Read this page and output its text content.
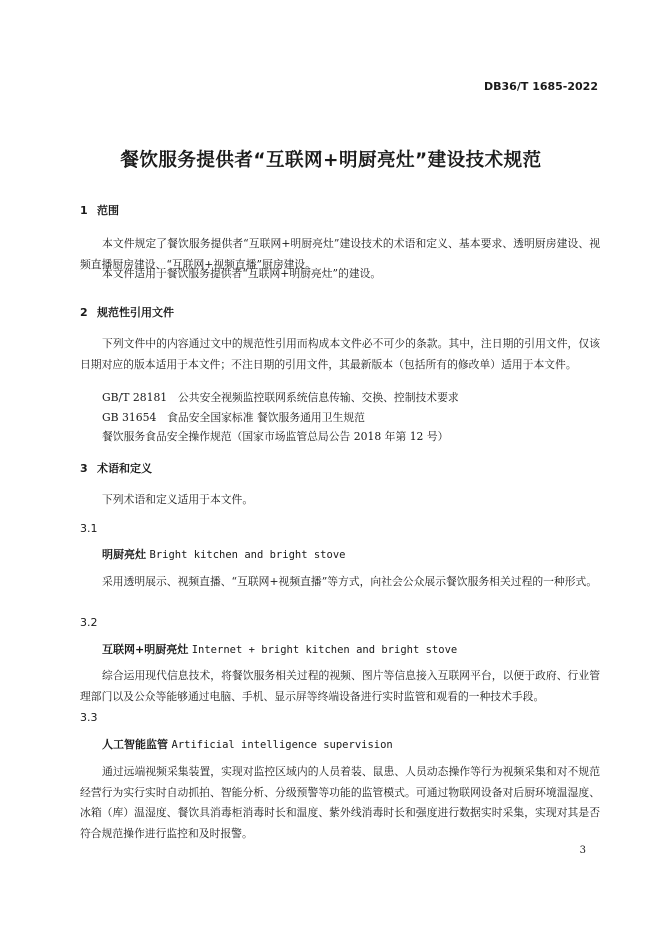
DB36/T 1685-2022
餐饮服务提供者“互联网+明厨亮灶”建设技术规范
1 范围
本文件规定了餐饮服务提供者“互联网+明厨亮灶”建设技术的术语和定义、基本要求、透明厨房建设、视频直播厨房建设、“互联网+视频直播”厨房建设。
本文件适用于餐饮服务提供者“互联网+明厨亮灶”的建设。
2 规范性引用文件
下列文件中的内容通过文中的规范性引用而构成本文件必不可少的条款。其中，注日期的引用文件，仅该日期对应的版本适用于本文件；不注日期的引用文件，其最新版本（包括所有的修改单）适用于本文件。
GB/T 28181　公共安全视频监控联网系统信息传输、交换、控制技术要求
GB 31654　食品安全国家标准 餐饮服务通用卫生规范
餐饮服务食品安全操作规范（国家市场监管总局公告 2018 年第 12 号）
3 术语和定义
下列术语和定义适用于本文件。
3.1
明厨亮灶 Bright kitchen and bright stove
采用透明展示、视频直播、“互联网+视频直播”等方式，向社会公众展示餐饮服务相关过程的一种形式。
3.2
互联网+明厨亮灶 Internet + bright kitchen and bright stove
综合运用现代信息技术，将餐饮服务相关过程的视频、图片等信息接入互联网平台，以便于政府、行业管理部门以及公众等能够通过电脑、手机、显示屏等终端设备进行实时监管和观看的一种技术手段。
3.3
人工智能监管 Artificial intelligence supervision
通过远端视频采集装置，实现对监控区域内的人员着装、鼠患、人员动态操作等行为视频采集和对不规范经营行为实行实时自动抓拍、智能分析、分级预警等功能的监管模式。可通过物联网设备对后厨环境温湿度、冰箱（库）温湿度、餐饮具消毒柜消毒时长和温度、紫外线消毒时长和强度进行数据实时采集，实现对其是否符合规范操作进行监控和及时报警。
3
